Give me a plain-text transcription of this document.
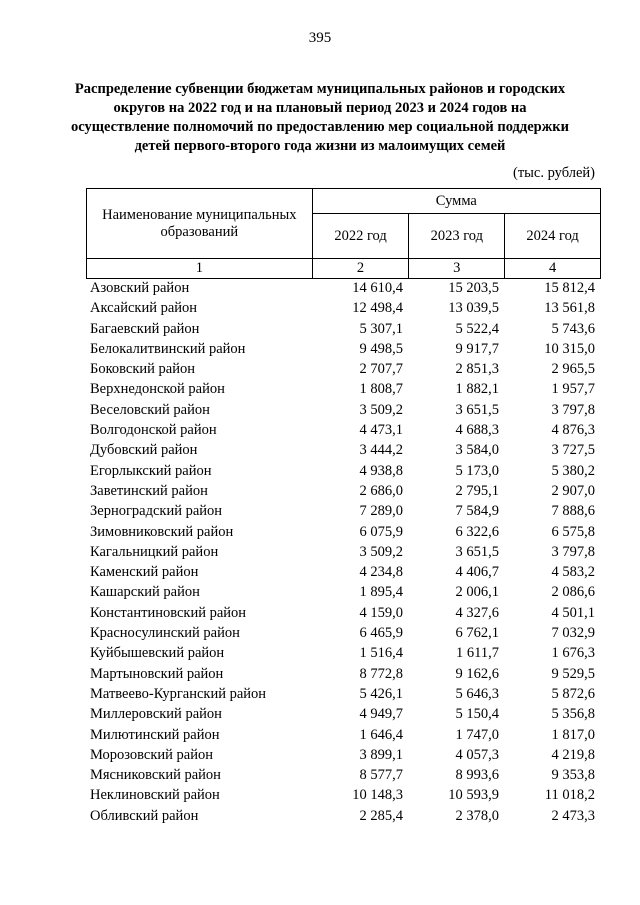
395
Распределение субвенции бюджетам муниципальных районов и городских округов на 2022 год и на плановый период 2023 и 2024 годов на осуществление полномочий по предоставлению мер социальной поддержки детей первого-второго года жизни из малоимущих семей
(тыс. рублей)
Наименование муниципальных образований	Сумма		
	2022 год	2023 год	2024 год
1	2	3	4
Азовский район	14 610,4	15 203,5	15 812,4
Аксайский район	12 498,4	13 039,5	13 561,8
Багаевский район	5 307,1	5 522,4	5 743,6
Белокалитвинский район	9 498,5	9 917,7	10 315,0
Боковский район	2 707,7	2 851,3	2 965,5
Верхнедонской район	1 808,7	1 882,1	1 957,7
Веселовский район	3 509,2	3 651,5	3 797,8
Волгодонской район	4 473,1	4 688,3	4 876,3
Дубовский район	3 444,2	3 584,0	3 727,5
Егорлыкский район	4 938,8	5 173,0	5 380,2
Заветинский район	2 686,0	2 795,1	2 907,0
Зерноградский район	7 289,0	7 584,9	7 888,6
Зимовниковский район	6 075,9	6 322,6	6 575,8
Кагальницкий район	3 509,2	3 651,5	3 797,8
Каменский район	4 234,8	4 406,7	4 583,2
Кашарский район	1 895,4	2 006,1	2 086,6
Константиновский район	4 159,0	4 327,6	4 501,1
Красносулинский район	6 465,9	6 762,1	7 032,9
Куйбышевский район	1 516,4	1 611,7	1 676,3
Мартыновский район	8 772,8	9 162,6	9 529,5
Матвеево-Курганский район	5 426,1	5 646,3	5 872,6
Миллеровский район	4 949,7	5 150,4	5 356,8
Милютинский район	1 646,4	1 747,0	1 817,0
Морозовский район	3 899,1	4 057,3	4 219,8
Мясниковский район	8 577,7	8 993,6	9 353,8
Неклиновский район	10 148,3	10 593,9	11 018,2
Обливский район	2 285,4	2 378,0	2 473,3
